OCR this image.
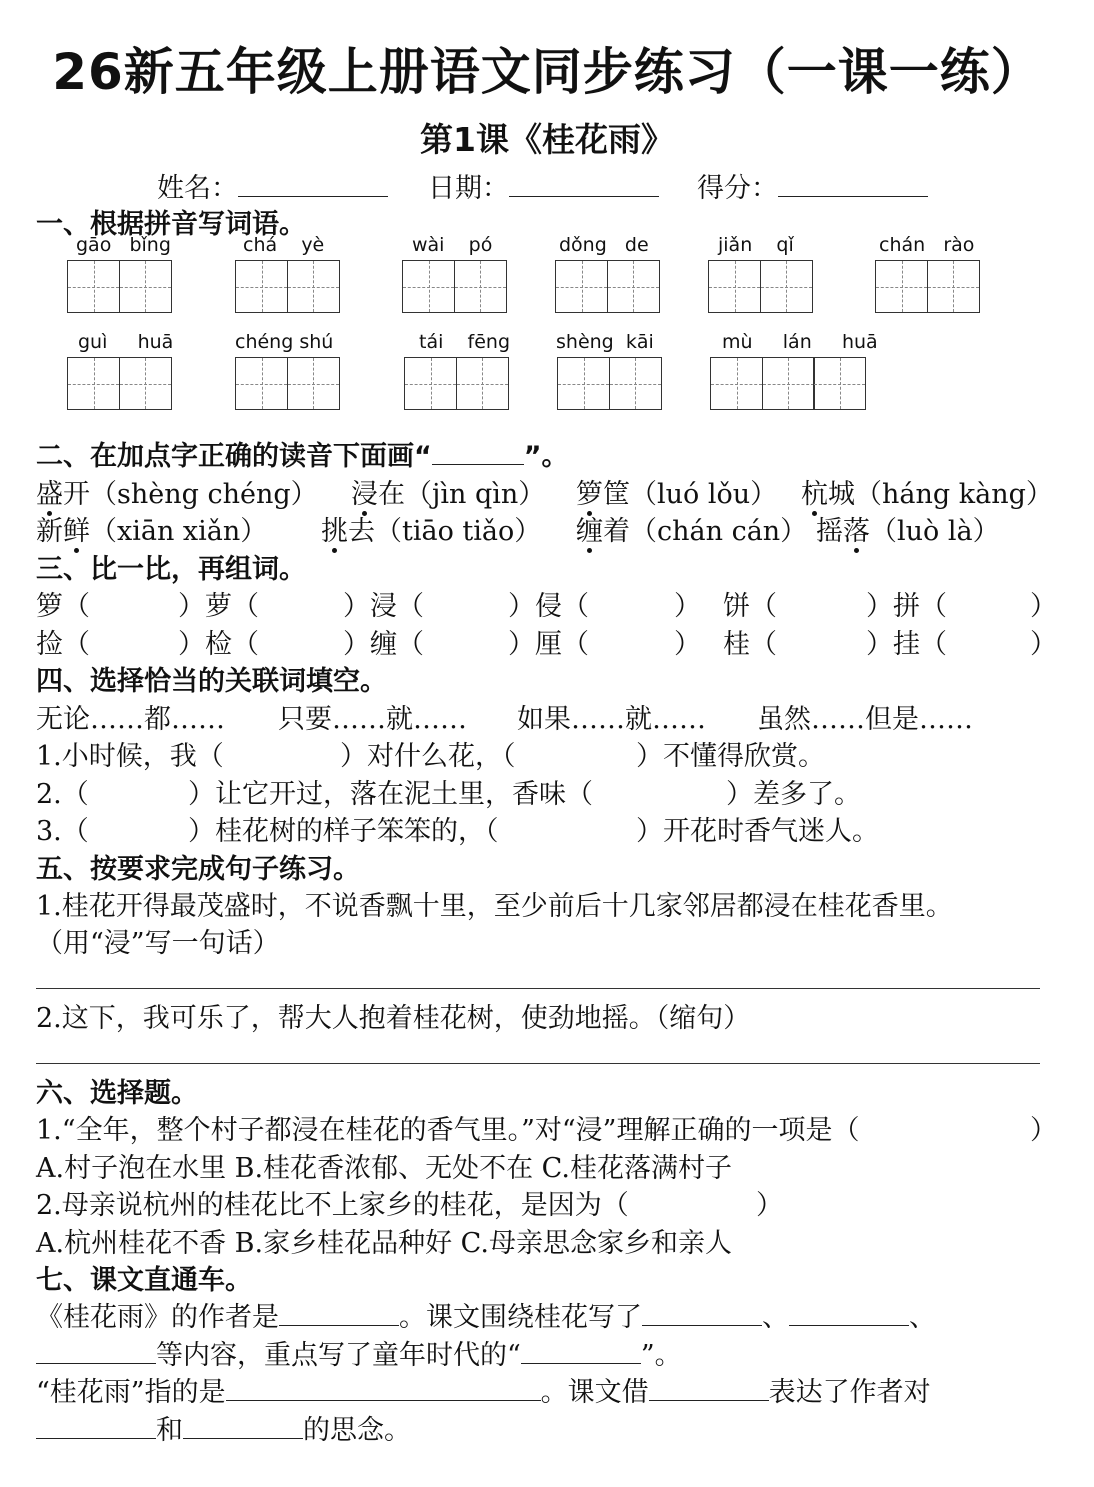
26新五年级上册语文同步练习（一课一练）
第1课《桂花雨》
姓名：	日期：	得分：
一、根据拼音写词语。
gāo bǐng	chá yè	wài pó	dǒng de	jiǎn qǐ	chán rào
guì huā	chéng shú	tái fēng shèng kāi	mù lán huā
二、在加点字正确的读音下面画“	”。
盛开（shèng chéng） 浸在（jìn qìn） 箩筐（luó lǒu） 杭城（háng kàng）
新鲜（xiān xiǎn） 挑去（tiāo tiǎo） 缠着（chán cán） 摇落（luò là）
三、比一比，再组词。
箩（	）萝（	）浸（	）侵（	） 饼（	）拼（	）
捡（	）检（	）缠（	）厘（	） 桂（	）挂（	）
四、选择恰当的关联词填空。
无论……都…… 只要……就…… 如果……就…… 虽然……但是……
1.小时候，我（	）对什么花，（	）不懂得欣赏。
2.（	）让它开过，落在泥土里，香味（	）差多了。
3.（	）桂花树的样子笨笨的，（	）开花时香气迷人。
五、按要求完成句子练习。
1.桂花开得最茂盛时，不说香飘十里，至少前后十几家邻居都浸在桂花香里。
（用“浸”写一句话）
2.这下，我可乐了，帮大人抱着桂花树，使劲地摇。（缩句）
六、选择题。
1.“全年，整个村子都浸在桂花的香气里。”对“浸”理解正确的一项是（	）
A.村子泡在水里 B.桂花香浓郁、无处不在 C.桂花落满村子
2.母亲说杭州的桂花比不上家乡的桂花，是因为（	）
A.杭州桂花不香 B.家乡桂花品种好 C.母亲思念家乡和亲人
七、课文直通车。
《桂花雨》的作者是	。课文围绕桂花写了	、	、
等内容，重点写了童年时代的“	”。
“桂花雨”指的是	。课文借	表达了作者对
和	的思念。
